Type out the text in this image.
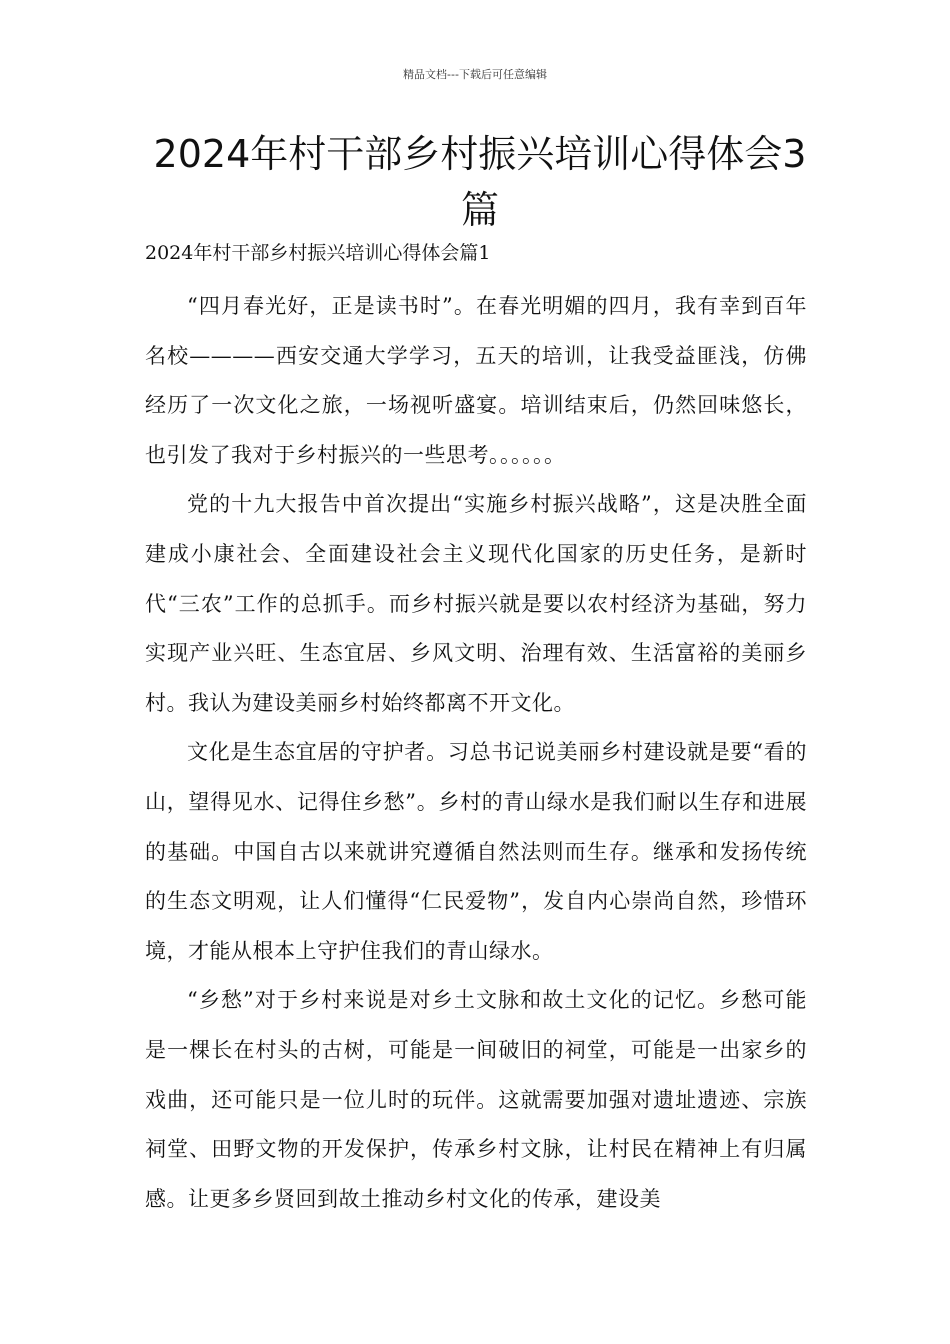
精品文档---下载后可任意编辑
2024年村干部乡村振兴培训心得体会3篇
2024年村干部乡村振兴培训心得体会篇1

“四月春光好，正是读书时”。在春光明媚的四月，我有幸到百年名校————西安交通大学学习，五天的培训，让我受益匪浅，仿佛经历了一次文化之旅，一场视听盛宴。培训结束后，仍然回味悠长，也引发了我对于乡村振兴的一些思考。。。。。。

党的十九大报告中首次提出“实施乡村振兴战略”，这是决胜全面建成小康社会、全面建设社会主义现代化国家的历史任务，是新时代“三农”工作的总抓手。而乡村振兴就是要以农村经济为基础，努力实现产业兴旺、生态宜居、乡风文明、治理有效、生活富裕的美丽乡村。我认为建设美丽乡村始终都离不开文化。

文化是生态宜居的守护者。习总书记说美丽乡村建设就是要“看的山，望得见水、记得住乡愁”。乡村的青山绿水是我们耐以生存和进展的基础。中国自古以来就讲究遵循自然法则而生存。继承和发扬传统的生态文明观，让人们懂得“仁民爱物”，发自内心崇尚自然，珍惜环境，才能从根本上守护住我们的青山绿水。

“乡愁”对于乡村来说是对乡土文脉和故土文化的记忆。乡愁可能是一棵长在村头的古树，可能是一间破旧的祠堂，可能是一出家乡的戏曲，还可能只是一位儿时的玩伴。这就需要加强对遗址遗迹、宗族祠堂、田野文物的开发保护，传承乡村文脉，让村民在精神上有归属感。让更多乡贤回到故土推动乡村文化的传承，建设美
